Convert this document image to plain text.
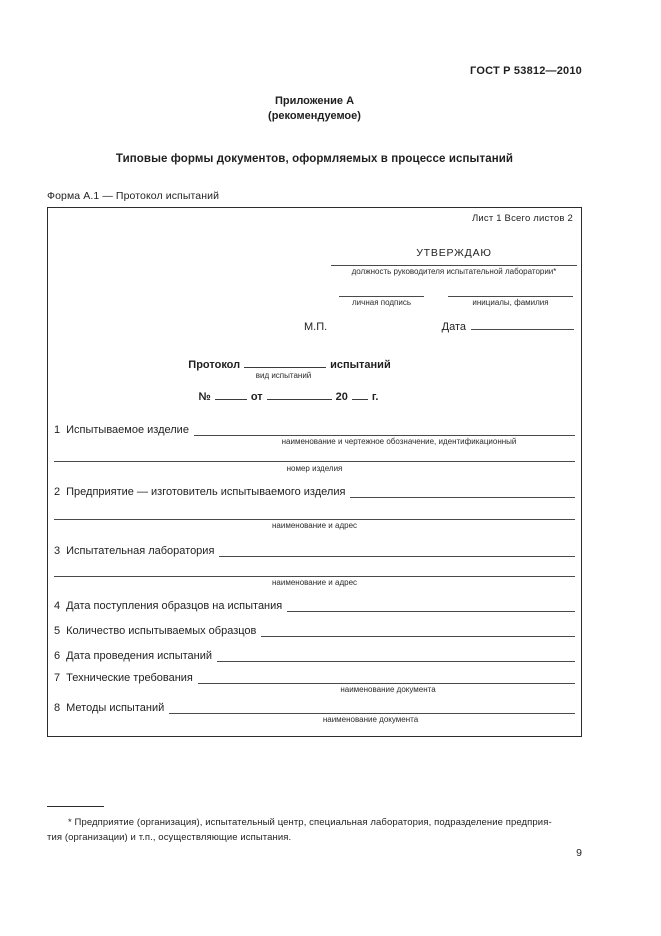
ГОСТ Р 53812—2010
Приложение А
(рекомендуемое)
Типовые формы документов, оформляемых в процессе испытаний
Форма А.1 — Протокол испытаний
Лист 1 Всего листов 2
УТВЕРЖДАЮ
должность руководителя испытательной лаборатории*
личная подпись	инициалы, фамилия
М.П.	Дата
Протокол	испытаний
вид испытаний
№	от	20 г.
1 Испытываемое изделие
наименование и чертежное обозначение, идентификационный
номер изделия
2 Предприятие — изготовитель испытываемого изделия
наименование и адрес
3 Испытательная лаборатория
наименование и адрес
4 Дата поступления образцов на испытания
5 Количество испытываемых образцов
6 Дата проведения испытаний
7 Технические требования
наименование документа
8 Методы испытаний
наименование документа
* Предприятие (организация), испытательный центр, специальная лаборатория, подразделение предприя-
тия (организации) и т.п., осуществляющие испытания.
9
